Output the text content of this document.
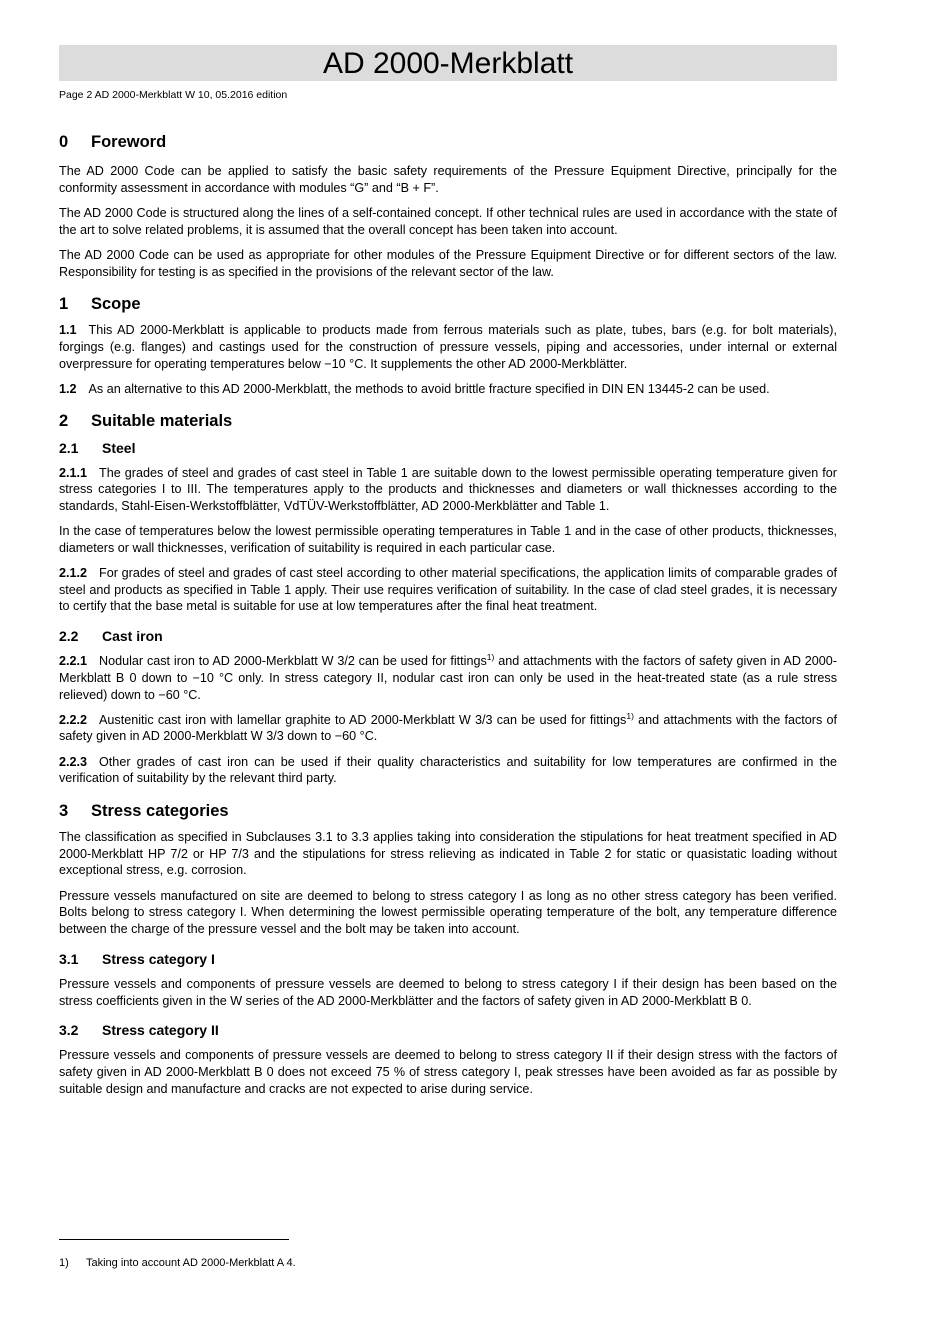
AD 2000-Merkblatt
Page 2 AD 2000-Merkblatt W 10, 05.2016 edition
0 Foreword

The AD 2000 Code can be applied to satisfy the basic safety requirements of the Pressure Equipment Directive, principally for the conformity assessment in accordance with modules “G” and “B + F”.

The AD 2000 Code is structured along the lines of a self-contained concept. If other technical rules are used in accordance with the state of the art to solve related problems, it is assumed that the overall concept has been taken into account.

The AD 2000 Code can be used as appropriate for other modules of the Pressure Equipment Directive or for different sectors of the law. Responsibility for testing is as specified in the provisions of the relevant sector of the law.

1 Scope

1.1 This AD 2000-Merkblatt is applicable to products made from ferrous materials such as plate, tubes, bars (e.g. for bolt materials), forgings (e.g. flanges) and castings used for the construction of pressure vessels, piping and accessories, under internal or external overpressure for operating temperatures below −10 °C. It supplements the other AD 2000-Merkblätter.

1.2 As an alternative to this AD 2000-Merkblatt, the methods to avoid brittle fracture specified in DIN EN 13445-2 can be used.

2 Suitable materials
2.1 Steel

2.1.1 The grades of steel and grades of cast steel in Table 1 are suitable down to the lowest permissible operating temperature given for stress categories I to III. The temperatures apply to the products and thicknesses and diameters or wall thicknesses according to the standards, Stahl-Eisen-Werkstoffblätter, VdTÜV-Werkstoffblätter, AD 2000-Merkblätter and Table 1.

In the case of temperatures below the lowest permissible operating temperatures in Table 1 and in the case of other products, thicknesses, diameters or wall thicknesses, verification of suitability is required in each particular case.

2.1.2 For grades of steel and grades of cast steel according to other material specifications, the application limits of comparable grades of steel and products as specified in Table 1 apply. Their use requires verification of suitability. In the case of clad steel grades, it is necessary to certify that the base metal is suitable for use at low temperatures after the final heat treatment.

2.2 Cast iron

2.2.1 Nodular cast iron to AD 2000-Merkblatt W 3/2 can be used for fittings$^{1)}$ and attachments with the factors of safety given in AD 2000-Merkblatt B 0 down to −10 °C only. In stress category II, nodular cast iron can only be used in the heat-treated state (as a rule stress relieved) down to −60 °C.

2.2.2 Austenitic cast iron with lamellar graphite to AD 2000-Merkblatt W 3/3 can be used for fittings$^{1)}$ and attachments with the factors of safety given in AD 2000-Merkblatt W 3/3 down to −60 °C.

2.2.3 Other grades of cast iron can be used if their quality characteristics and suitability for low temperatures are confirmed in the verification of suitability by the relevant third party.

3 Stress categories

The classification as specified in Subclauses 3.1 to 3.3 applies taking into consideration the stipulations for heat treatment specified in AD 2000-Merkblatt HP 7/2 or HP 7/3 and the stipulations for stress relieving as indicated in Table 2 for static or quasistatic loading without exceptional stress, e.g. corrosion.

Pressure vessels manufactured on site are deemed to belong to stress category I as long as no other stress category has been verified. Bolts belong to stress category I. When determining the lowest permissible operating temperature of the bolt, any temperature difference between the charge of the pressure vessel and the bolt may be taken into account.

3.1 Stress category I

Pressure vessels and components of pressure vessels are deemed to belong to stress category I if their design has been based on the stress coefficients given in the W series of the AD 2000-Merkblätter and the factors of safety given in AD 2000-Merkblatt B 0.

3.2 Stress category II

Pressure vessels and components of pressure vessels are deemed to belong to stress category II if their design stress with the factors of safety given in AD 2000-Merkblatt B 0 does not exceed 75 % of stress category I, peak stresses have been avoided as far as possible by suitable design and manufacture and cracks are not expected to arise during service.

1) Taking into account AD 2000-Merkblatt A 4.
